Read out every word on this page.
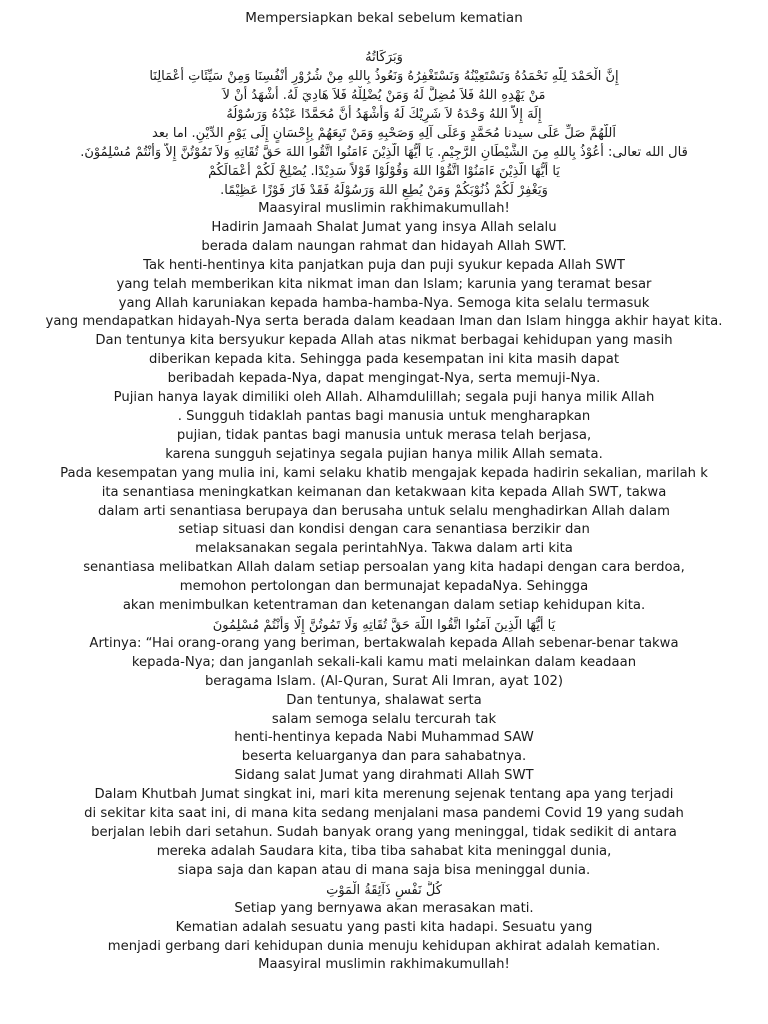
Mempersiapkan bekal sebelum kematian
وَبَرَكَاتُهُ
إِنَّ الْحَمْدَ لِلَّهِ نَحْمَدُهُ وَنَسْتَعِيْنُهُ وَنَسْتَغْفِرُهُ وَنَعُوذُ بِاللهِ مِنْ شُرُوْرِ أَنْفُسِنَا وَمِنْ سَيِّئَاتِ أَعْمَالِنَا
مَنْ يَهْدِهِ اللهُ فَلاَ مُضِلَّ لَهُ وَمَنْ يُضْلِلْهُ فَلاَ هَادِيَ لَهُ. أَشْهَدُ أَنْ لاَ
إِلَهَ إِلاَّ اللهُ وَحْدَهُ لاَ شَرِيْكَ لَهُ وَأَشْهَدُ أَنَّ مُحَمَّدًا عَبْدُهُ وَرَسُوْلُهُ
اَللَّهُمَّ صَلِّ عَلَى سيدنا مُحَمَّدٍ وَعَلَى آلِهِ وَصَحْبِهِ وَمَنْ تَبِعَهُمْ بِإِحْسَانٍ إِلَى يَوْمِ الدِّيْنِ. اما بعد
قال الله تعالى: أَعُوْذُ بِاللهِ مِنَ الشَّيْطَانِ الرَّجِيْمِ. يَا أَيُّهَا الَّذِيْنَ ءَامَنُوا اتَّقُوا اللهَ حَقَّ تُقَاتِهِ وَلاَ تَمُوْتُنَّ إِلاَّ وَأَنْتُمْ مُسْلِمُوْنَ.
يَا أَيُّهَا الَّذِيْنَ ءَامَنُوْا اتَّقُوْا اللهَ وَقُوْلُوْا قَوْلاً سَدِيْدًا. يُصْلِحْ لَكُمْ أَعْمَالَكُمْ
وَيَغْفِرْ لَكُمْ ذُنُوْبَكُمْ وَمَنْ يُطِعِ اللهَ وَرَسُوْلَهُ فَقَدْ فَازَ فَوْزًا عَظِيْمًا.
Maasyiral muslimin rakhimakumullah!
Hadirin Jamaah Shalat Jumat yang insya Allah selalu
berada dalam naungan rahmat dan hidayah Allah SWT.
Tak henti-hentinya kita panjatkan puja dan puji syukur kepada Allah SWT
yang telah memberikan kita nikmat iman dan Islam; karunia yang teramat besar
yang Allah karuniakan kepada hamba-hamba-Nya. Semoga kita selalu termasuk
yang mendapatkan hidayah-Nya serta berada dalam keadaan Iman dan Islam hingga akhir hayat kita.
Dan tentunya kita bersyukur kepada Allah atas nikmat berbagai kehidupan yang masih
diberikan kepada kita. Sehingga pada kesempatan ini kita masih dapat
beribadah kepada-Nya, dapat mengingat-Nya, serta memuji-Nya.
Pujian hanya layak dimiliki oleh Allah. Alhamdulillah; segala puji hanya milik Allah
. Sungguh tidaklah pantas bagi manusia untuk mengharapkan
pujian, tidak pantas bagi manusia untuk merasa telah berjasa,
karena sungguh sejatinya segala pujian hanya milik Allah semata.
Pada kesempatan yang mulia ini, kami selaku khatib mengajak kepada hadirin sekalian, marilah k
ita senantiasa meningkatkan keimanan dan ketakwaan kita kepada Allah SWT, takwa
dalam arti senantiasa berupaya dan berusaha untuk selalu menghadirkan Allah dalam
setiap situasi dan kondisi dengan cara senantiasa berzikir dan
melaksanakan segala perintahNya. Takwa dalam arti kita
senantiasa melibatkan Allah dalam setiap persoalan yang kita hadapi dengan cara berdoa,
memohon pertolongan dan bermunajat kepadaNya. Sehingga
akan menimbulkan ketentraman dan ketenangan dalam setiap kehidupan kita.
يَا أَيُّهَا الَّذِينَ آمَنُوا اتَّقُوا اللَّهَ حَقَّ تُقَاتِهِ وَلَا تَمُوتُنَّ إِلَّا وَأَنْتُمْ مُسْلِمُونَ
Artinya: “Hai orang-orang yang beriman, bertakwalah kepada Allah sebenar-benar takwa
kepada-Nya; dan janganlah sekali-kali kamu mati melainkan dalam keadaan
beragama Islam. (Al-Quran, Surat Ali Imran, ayat 102)
Dan tentunya, shalawat serta
salam semoga selalu tercurah tak
henti-hentinya kepada Nabi Muhammad SAW
beserta keluarganya dan para sahabatnya.
Sidang salat Jumat yang dirahmati Allah SWT
Dalam Khutbah Jumat singkat ini, mari kita merenung sejenak tentang apa yang terjadi
di sekitar kita saat ini, di mana kita sedang menjalani masa pandemi Covid 19 yang sudah
berjalan lebih dari setahun. Sudah banyak orang yang meninggal, tidak sedikit di antara
mereka adalah Saudara kita, tiba tiba sahabat kita meninggal dunia,
siapa saja dan kapan atau di mana saja bisa meninggal dunia.
كُلُّ نَفْسٍ ذَآئِقَةُ الْمَوْتِ
Setiap yang bernyawa akan merasakan mati.
Kematian adalah sesuatu yang pasti kita hadapi. Sesuatu yang
menjadi gerbang dari kehidupan dunia menuju kehidupan akhirat adalah kematian.
Maasyiral muslimin rakhimakumullah!
